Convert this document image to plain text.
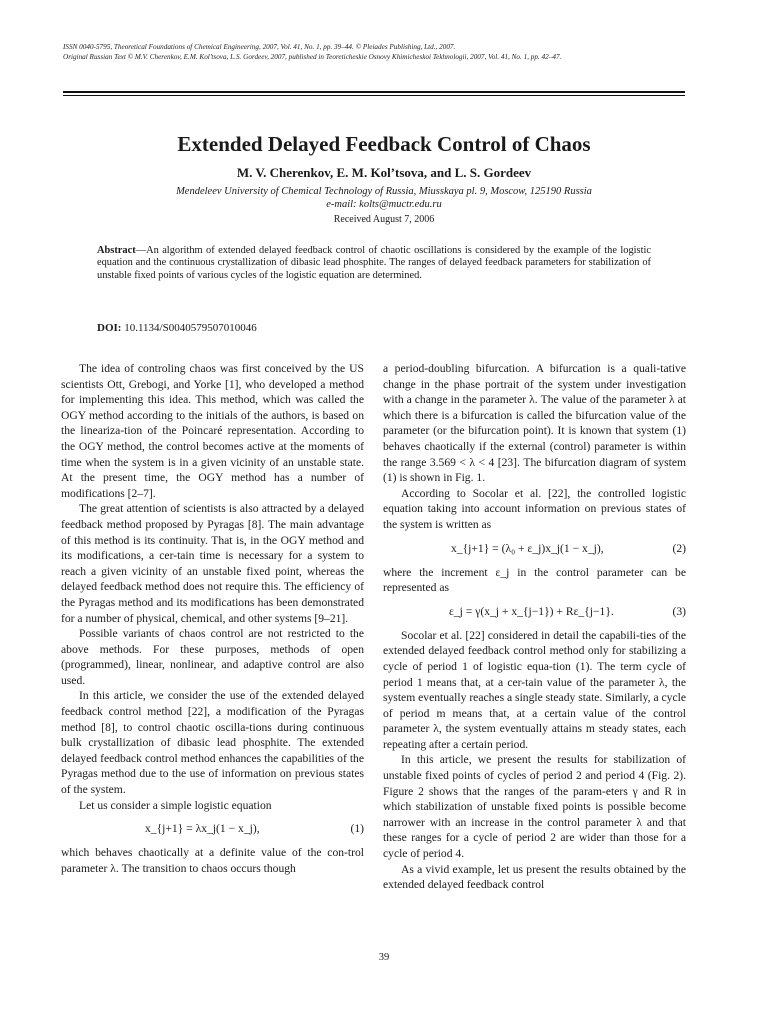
ISSN 0040-5795, Theoretical Foundations of Chemical Engineering, 2007, Vol. 41, No. 1, pp. 39–44. © Pleiades Publishing, Ltd., 2007.
Original Russian Text © M.V. Cherenkov, E.M. Kol’tsova, L.S. Gordeev, 2007, published in Teoreticheskie Osnovy Khimicheskoi Tekhnologii, 2007, Vol. 41, No. 1, pp. 42–47.
Extended Delayed Feedback Control of Chaos
M. V. Cherenkov, E. M. Kol’tsova, and L. S. Gordeev
Mendeleev University of Chemical Technology of Russia, Miusskaya pl. 9, Moscow, 125190 Russia
e-mail: kolts@muctr.edu.ru
Received August 7, 2006
Abstract—An algorithm of extended delayed feedback control of chaotic oscillations is considered by the example of the logistic equation and the continuous crystallization of dibasic lead phosphite. The ranges of delayed feedback parameters for stabilization of unstable fixed points of various cycles of the logistic equation are determined.
DOI: 10.1134/S0040579507010046

The idea of controling chaos was first conceived by the US scientists Ott, Grebogi, and Yorke [1], who developed a method for implementing this idea. This method, which was called the OGY method according to the initials of the authors, is based on the lineariza-tion of the Poincaré representation. According to the OGY method, the control becomes active at the moments of time when the system is in a given vicinity of an unstable state. At the present time, the OGY method has a number of modifications [2–7].

The great attention of scientists is also attracted by a delayed feedback method proposed by Pyragas [8]. The main advantage of this method is its continuity. That is, in the OGY method and its modifications, a cer-tain time is necessary for a system to reach a given vicinity of an unstable fixed point, whereas the delayed feedback method does not require this. The efficiency of the Pyragas method and its modifications has been demonstrated for a number of physical, chemical, and other systems [9–21].

Possible variants of chaos control are not restricted to the above methods. For these purposes, methods of open (programmed), linear, nonlinear, and adaptive control are also used.

In this article, we consider the use of the extended delayed feedback control method [22], a modification of the Pyragas method [8], to control chaotic oscilla-tions during continuous bulk crystallization of dibasic lead phosphite. The extended delayed feedback control method enhances the capabilities of the Pyragas method due to the use of information on previous states of the system.

Let us consider a simple logistic equation

x_{j+1} = λx_j(1 − x_j),	(1)

which behaves chaotically at a definite value of the con-trol parameter λ. The transition to chaos occurs though

a period-doubling bifurcation. A bifurcation is a quali-tative change in the phase portrait of the system under investigation with a change in the parameter λ. The value of the parameter λ at which there is a bifurcation is called the bifurcation value of the parameter (or the bifurcation point). It is known that system (1) behaves chaotically if the external (control) parameter is within the range 3.569 < λ < 4 [23]. The bifurcation diagram of system (1) is shown in Fig. 1.

According to Socolar et al. [22], the controlled logistic equation taking into account information on previous states of the system is written as

x_{j+1} = (λ₀ + ε_j)x_j(1 − x_j),	(2)

where the increment ε_j in the control parameter can be represented as

ε_j = γ(x_j + x_{j−1}) + Rε_{j−1}.	(3)

Socolar et al. [22] considered in detail the capabili-ties of the extended delayed feedback control method only for stabilizing a cycle of period 1 of logistic equa-tion (1). The term cycle of period 1 means that, at a cer-tain value of the parameter λ, the system eventually reaches a single steady state. Similarly, a cycle of period m means that, at a certain value of the control parameter λ, the system eventually attains m steady states, each repeating after a certain period.

In this article, we present the results for stabilization of unstable fixed points of cycles of period 2 and period 4 (Fig. 2). Figure 2 shows that the ranges of the param-eters γ and R in which stabilization of unstable fixed points is possible become narrower with an increase in the control parameter λ and that these ranges for a cycle of period 2 are wider than those for a cycle of period 4.

As a vivid example, let us present the results obtained by the extended delayed feedback control

39
